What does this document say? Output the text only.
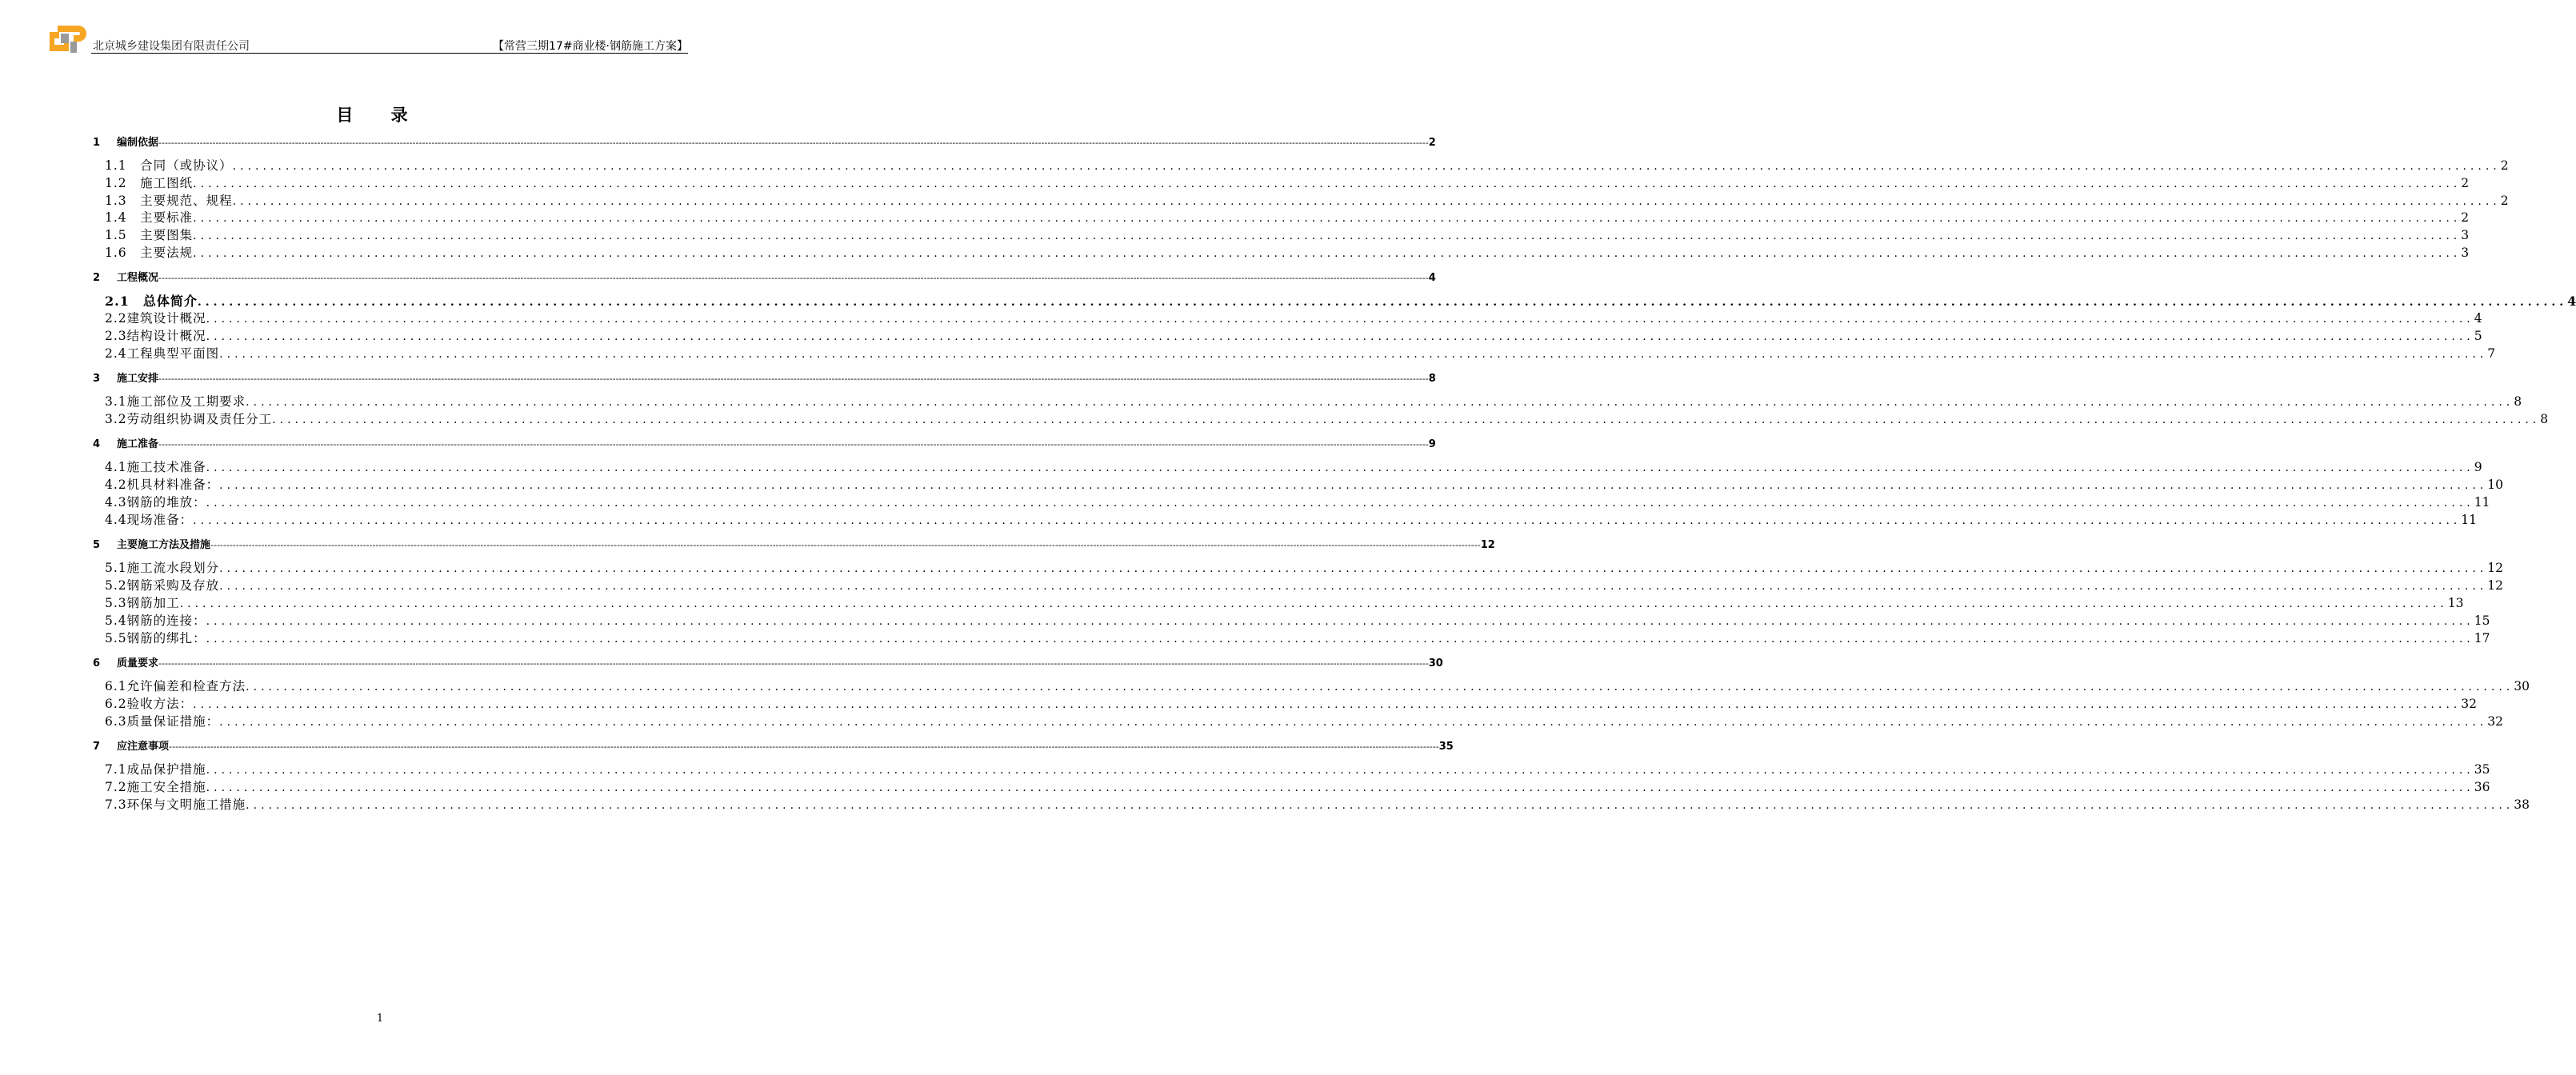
北京城乡建设集团有限责任公司	【常营三期17#商业楼·钢筋施工方案】
目 录
1	编制依据 ---------------------------------------------------------------------------------------------------------------------------------------------------------------------------------------------------------------------------------------------------------------------------------------------------------------------------------------------------------------------------------------------------------------- 2
1.1　 合同（或协议） ............................................................................................................................................................................................................................................................................................................ 2
1.2　 施工图纸 ............................................................................................................................................................................................................................................................................................................ 2
1.3　 主要规范、规程 ............................................................................................................................................................................................................................................................................................................ 2
1.4　 主要标准 ............................................................................................................................................................................................................................................................................................................ 2
1.5　 主要图集 ............................................................................................................................................................................................................................................................................................................ 3
1.6　 主要法规 ............................................................................................................................................................................................................................................................................................................ 3
2	工程概况 ---------------------------------------------------------------------------------------------------------------------------------------------------------------------------------------------------------------------------------------------------------------------------------------------------------------------------------------------------------------------------------------------------------------- 4
2.1　 总体简介 ............................................................................................................................................................................................................................................................................................................ 4
2.2 建筑设计概况 ............................................................................................................................................................................................................................................................................................................ 4
2.3 结构设计概况 ............................................................................................................................................................................................................................................................................................................ 5
2.4 工程典型平面图 ............................................................................................................................................................................................................................................................................................................ 7
3	施工安排 ---------------------------------------------------------------------------------------------------------------------------------------------------------------------------------------------------------------------------------------------------------------------------------------------------------------------------------------------------------------------------------------------------------------- 8
3.1 施工部位及工期要求 ............................................................................................................................................................................................................................................................................................................ 8
3.2 劳动组织协调及责任分工 ............................................................................................................................................................................................................................................................................................................ 8
4	施工准备 ---------------------------------------------------------------------------------------------------------------------------------------------------------------------------------------------------------------------------------------------------------------------------------------------------------------------------------------------------------------------------------------------------------------- 9
4.1 施工技术准备 ............................................................................................................................................................................................................................................................................................................ 9
4.2 机具材料准备： ............................................................................................................................................................................................................................................................................................................ 10
4.3 钢筋的堆放： ............................................................................................................................................................................................................................................................................................................ 11
4.4 现场准备： ............................................................................................................................................................................................................................................................................................................ 11
5	主要施工方法及措施 ---------------------------------------------------------------------------------------------------------------------------------------------------------------------------------------------------------------------------------------------------------------------------------------------------------------------------------------------------------------------------------------------------------------- 12
5.1 施工流水段划分 ............................................................................................................................................................................................................................................................................................................ 12
5.2 钢筋采购及存放 ............................................................................................................................................................................................................................................................................................................ 12
5.3 钢筋加工 ............................................................................................................................................................................................................................................................................................................ 13
5.4 钢筋的连接： ............................................................................................................................................................................................................................................................................................................ 15
5.5 钢筋的绑扎： ............................................................................................................................................................................................................................................................................................................ 17
6	质量要求 ---------------------------------------------------------------------------------------------------------------------------------------------------------------------------------------------------------------------------------------------------------------------------------------------------------------------------------------------------------------------------------------------------------------- 30
6.1 允许偏差和检查方法 ............................................................................................................................................................................................................................................................................................................ 30
6.2 验收方法： ............................................................................................................................................................................................................................................................................................................ 32
6.3 质量保证措施： ............................................................................................................................................................................................................................................................................................................ 32
7	应注意事项 ---------------------------------------------------------------------------------------------------------------------------------------------------------------------------------------------------------------------------------------------------------------------------------------------------------------------------------------------------------------------------------------------------------------- 35
7.1 成品保护措施 ............................................................................................................................................................................................................................................................................................................ 35
7.2 施工安全措施 ............................................................................................................................................................................................................................................................................................................ 36
7.3 环保与文明施工措施 ............................................................................................................................................................................................................................................................................................................ 38
1
